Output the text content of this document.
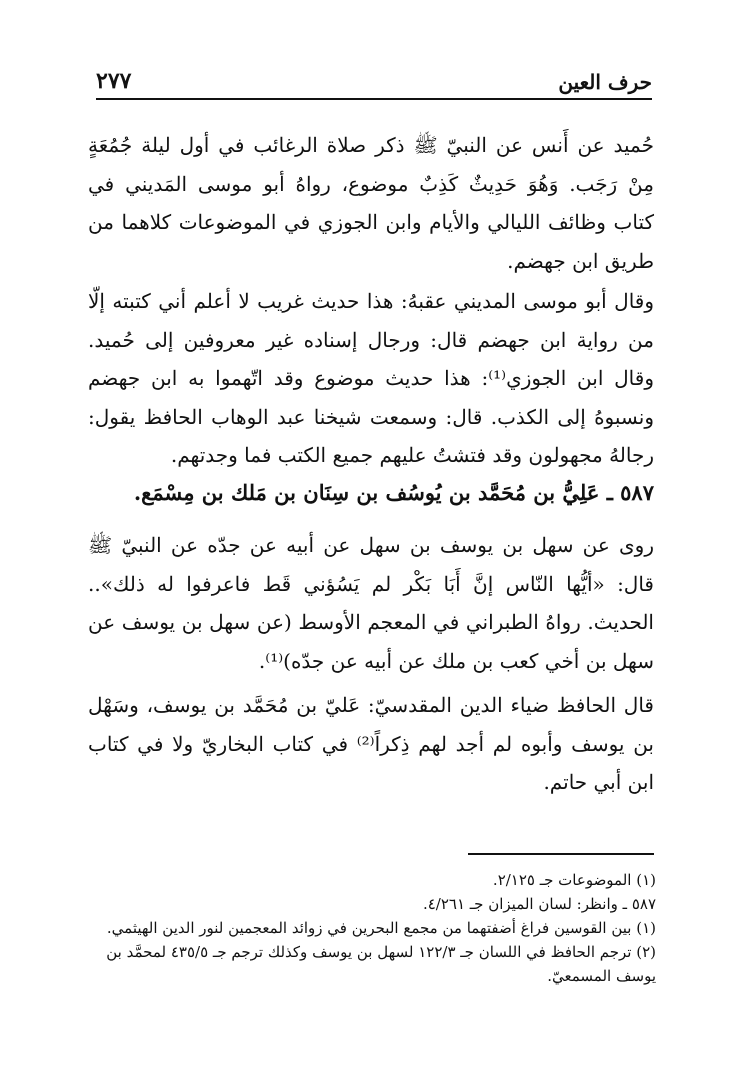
حرف العين
٢٧٧
حُميد عن أَنس عن النبيّ ﷺ ذكر صلاة الرغائب في أول ليلة جُمُعَةٍ مِنْ رَجَب. وَهُوَ حَدِيثٌ كَذِبٌ موضوع، رواهُ أبو موسى المَديني في كتاب وظائف الليالي والأيام وابن الجوزي في الموضوعات كلاهما من طريق ابن جهضم.
وقال أبو موسى المديني عقبهُ: هذا حديث غريب لا أعلم أني كتبته إلّا من رواية ابن جهضم قال: ورجال إسناده غير معروفين إلى حُميد. وقال ابن الجوزي⁽¹⁾: هذا حديث موضوع وقد اتّهموا به ابن جهضم ونسبوهُ إلى الكذب. قال: وسمعت شيخنا عبد الوهاب الحافظ يقول: رجالهُ مجهولون وقد فتشتُ عليهم جميع الكتب فما وجدتهم.
٥٨٧ ـ عَلِيُّ بن مُحَمَّد بن يُوسُف بن سِنَان بن مَلك بن مِسْمَع.
روى عن سهل بن يوسف بن سهل عن أبيه عن جدّه عن النبيّ ﷺ قال: «أيُّها النّاس إنَّ أَبَا بَكْر لم يَسُؤني قَط فاعرفوا له ذلك».. الحديث. رواهُ الطبراني في المعجم الأوسط (عن سهل بن يوسف عن سهل بن أخي كعب بن ملك عن أبيه عن جدّه)⁽¹⁾.
قال الحافظ ضياء الدين المقدسيّ: عَليّ بن مُحَمَّد بن يوسف، وسَهْل بن يوسف وأبوه لم أجد لهم ذِكراً⁽²⁾ في كتاب البخاريّ ولا في كتاب ابن أبي حاتم.

(١) الموضوعات جـ ٢/١٢٥.

٥٨٧ ـ وانظر: لسان الميزان جـ ٤/٢٦١.

(١) بين القوسين فراغ أضفتهما من مجمع البحرين في زوائد المعجمين لنور الدين الهيثمي.

(٢) ترجم الحافظ في اللسان جـ ١٢٢/٣ لسهل بن يوسف وكذلك ترجم جـ ٤٣٥/٥ لمحمَّد بن يوسف المسمعيّ.
